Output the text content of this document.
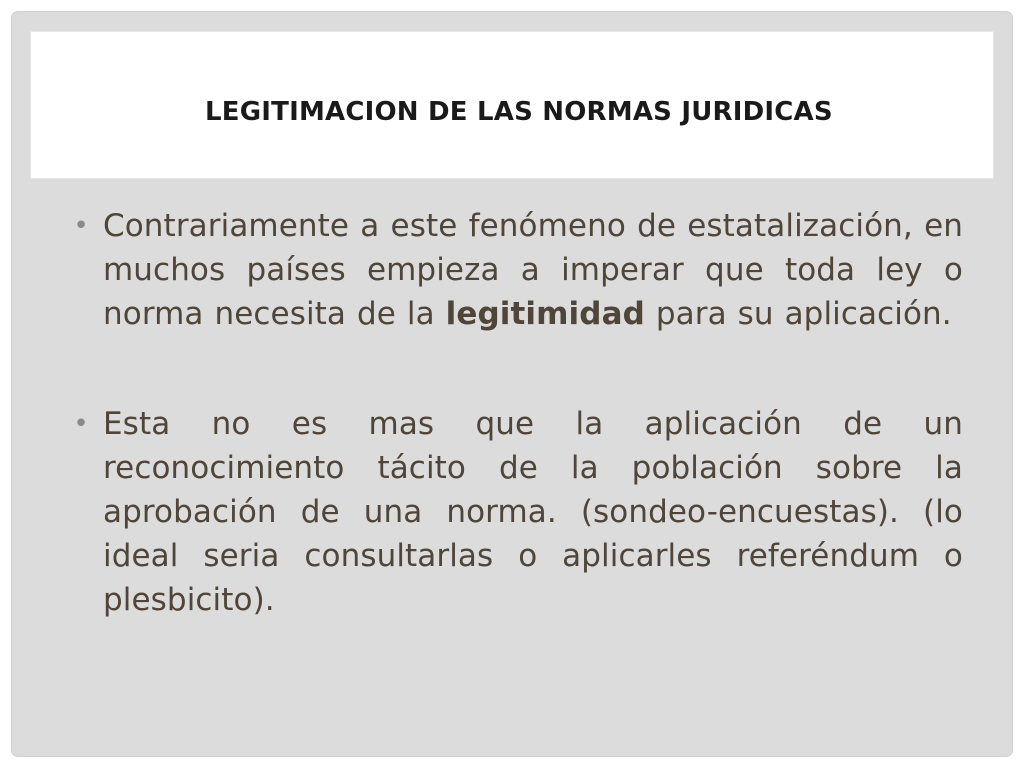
LEGITIMACION DE LAS NORMAS JURIDICAS
• Contrariamente a este fenómeno de estatalización, en muchos países empieza a imperar que toda ley o norma necesita de la legitimidad para su aplicación.
• Esta no es mas que la aplicación de un reconocimiento tácito de la población sobre la aprobación de una norma. (sondeo-encuestas). (lo ideal seria consultarlas o aplicarles referéndum o plesbicito).
